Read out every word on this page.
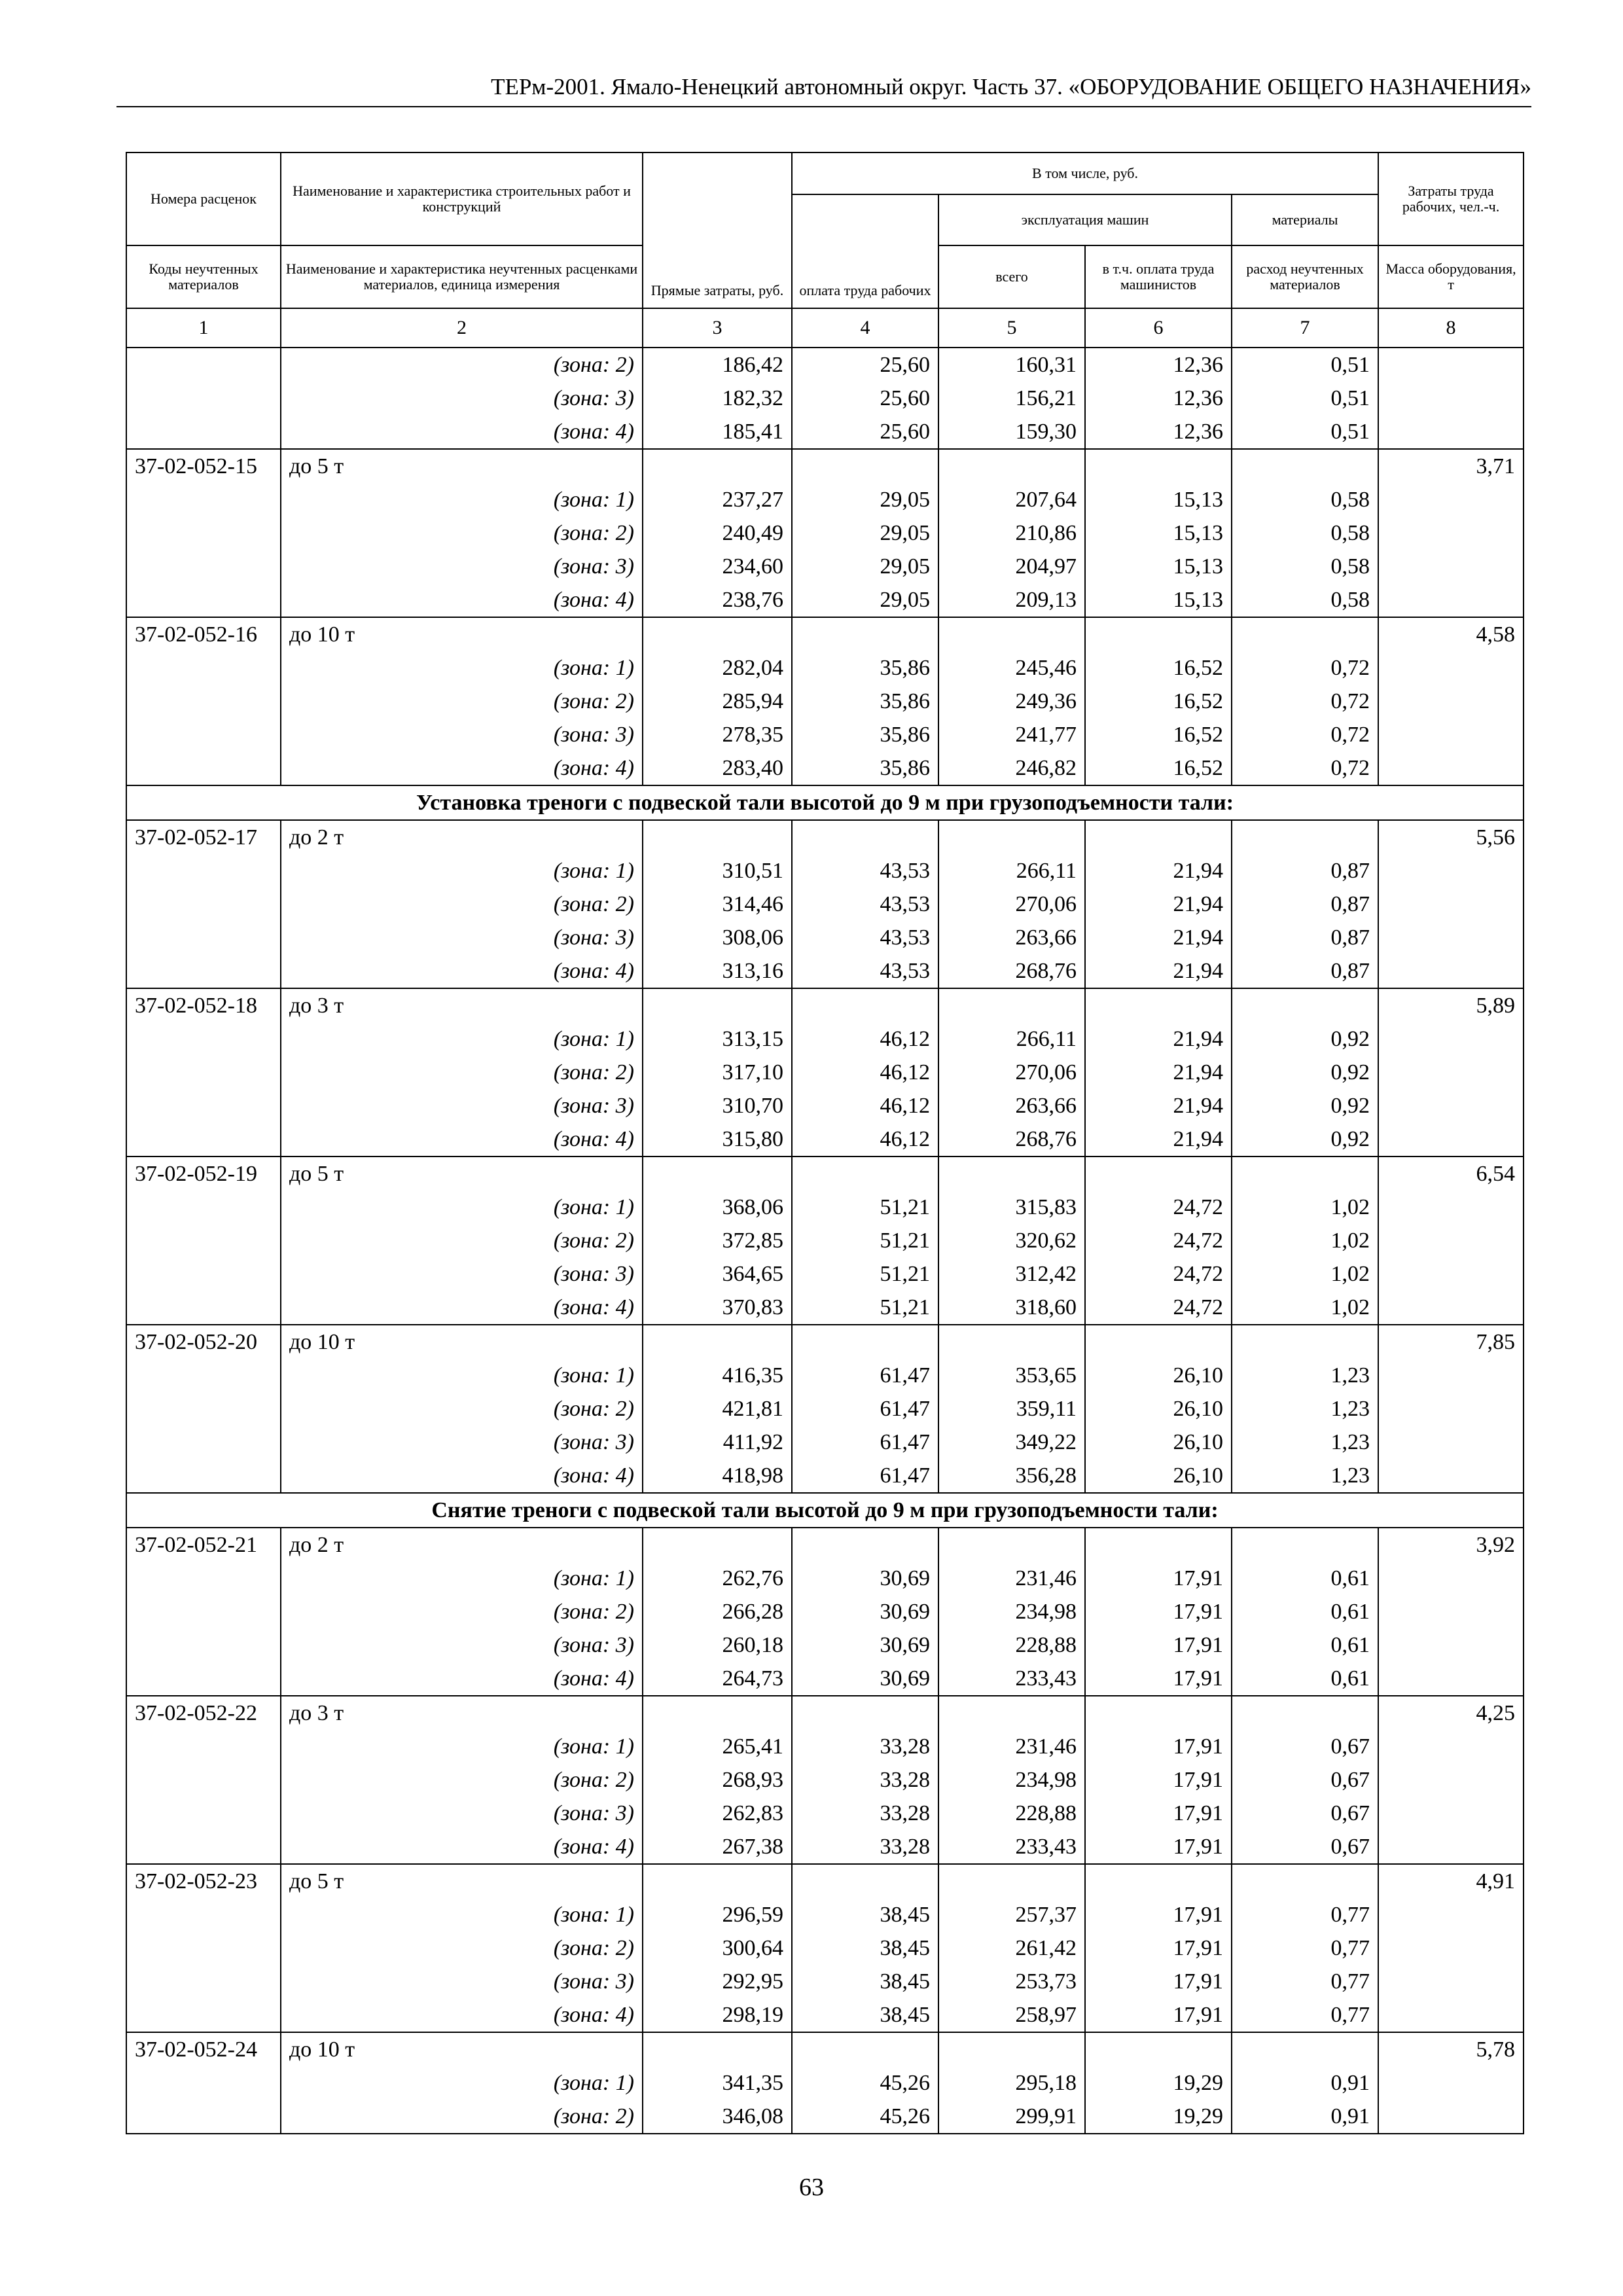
ТЕРм-2001. Ямало-Ненецкий автономный округ. Часть 37. «ОБОРУДОВАНИЕ ОБЩЕГО НАЗНАЧЕНИЯ»
Номера расценок	Наименование и характеристика строительных работ и конструкций	Прямые затраты, руб.	В том числе, руб.				Затраты труда рабочих, чел.-ч.
			оплата труда рабочих	эксплуатация машин		материалы	
Коды неучтенных материалов	Наименование и характеристика неучтенных расценками материалов, единица измерения			всего	в т.ч. оплата труда машинистов	расход неучтенных материалов	Масса оборудования, т
1	2	3	4	5	6	7	8
	(зона: 2)	186,42	25,60	160,31	12,36	0,51	
	(зона: 3)	182,32	25,60	156,21	12,36	0,51	
	(зона: 4)	185,41	25,60	159,30	12,36	0,51	
37-02-052-15	до 5 т						3,71
	(зона: 1)	237,27	29,05	207,64	15,13	0,58	
	(зона: 2)	240,49	29,05	210,86	15,13	0,58	
	(зона: 3)	234,60	29,05	204,97	15,13	0,58	
	(зона: 4)	238,76	29,05	209,13	15,13	0,58	
37-02-052-16	до 10 т						4,58
	(зона: 1)	282,04	35,86	245,46	16,52	0,72	
	(зона: 2)	285,94	35,86	249,36	16,52	0,72	
	(зона: 3)	278,35	35,86	241,77	16,52	0,72	
	(зона: 4)	283,40	35,86	246,82	16,52	0,72	
Установка треноги с подвеской тали высотой до 9 м при грузоподъемности тали:							
37-02-052-17	до 2 т						5,56
	(зона: 1)	310,51	43,53	266,11	21,94	0,87	
	(зона: 2)	314,46	43,53	270,06	21,94	0,87	
	(зона: 3)	308,06	43,53	263,66	21,94	0,87	
	(зона: 4)	313,16	43,53	268,76	21,94	0,87	
37-02-052-18	до 3 т						5,89
	(зона: 1)	313,15	46,12	266,11	21,94	0,92	
	(зона: 2)	317,10	46,12	270,06	21,94	0,92	
	(зона: 3)	310,70	46,12	263,66	21,94	0,92	
	(зона: 4)	315,80	46,12	268,76	21,94	0,92	
37-02-052-19	до 5 т						6,54
	(зона: 1)	368,06	51,21	315,83	24,72	1,02	
	(зона: 2)	372,85	51,21	320,62	24,72	1,02	
	(зона: 3)	364,65	51,21	312,42	24,72	1,02	
	(зона: 4)	370,83	51,21	318,60	24,72	1,02	
37-02-052-20	до 10 т						7,85
	(зона: 1)	416,35	61,47	353,65	26,10	1,23	
	(зона: 2)	421,81	61,47	359,11	26,10	1,23	
	(зона: 3)	411,92	61,47	349,22	26,10	1,23	
	(зона: 4)	418,98	61,47	356,28	26,10	1,23	
Снятие треноги с подвеской тали высотой до 9 м при грузоподъемности тали:							
37-02-052-21	до 2 т						3,92
	(зона: 1)	262,76	30,69	231,46	17,91	0,61	
	(зона: 2)	266,28	30,69	234,98	17,91	0,61	
	(зона: 3)	260,18	30,69	228,88	17,91	0,61	
	(зона: 4)	264,73	30,69	233,43	17,91	0,61	
37-02-052-22	до 3 т						4,25
	(зона: 1)	265,41	33,28	231,46	17,91	0,67	
	(зона: 2)	268,93	33,28	234,98	17,91	0,67	
	(зона: 3)	262,83	33,28	228,88	17,91	0,67	
	(зона: 4)	267,38	33,28	233,43	17,91	0,67	
37-02-052-23	до 5 т						4,91
	(зона: 1)	296,59	38,45	257,37	17,91	0,77	
	(зона: 2)	300,64	38,45	261,42	17,91	0,77	
	(зона: 3)	292,95	38,45	253,73	17,91	0,77	
	(зона: 4)	298,19	38,45	258,97	17,91	0,77	
37-02-052-24	до 10 т						5,78
	(зона: 1)	341,35	45,26	295,18	19,29	0,91	
	(зона: 2)	346,08	45,26	299,91	19,29	0,91	
63
